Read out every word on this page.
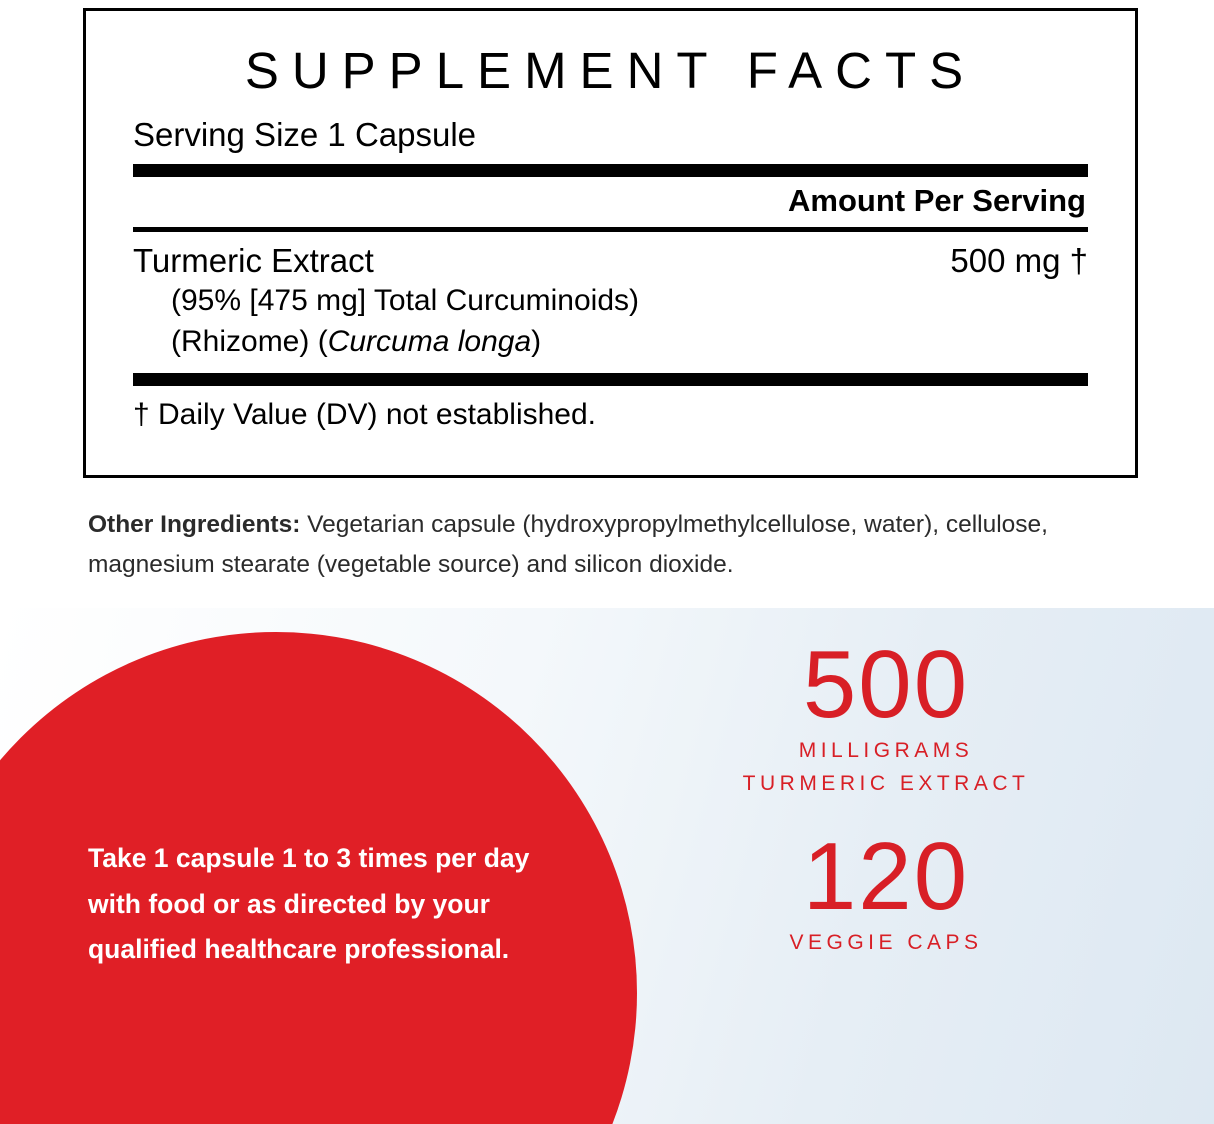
SUPPLEMENT FACTS
Serving Size 1 Capsule
Amount Per Serving
Turmeric Extract	500 mg †
(95% [475 mg] Total Curcuminoids)
(Rhizome) (Curcuma longa)
† Daily Value (DV) not established.
Other Ingredients: Vegetarian capsule (hydroxypropylmethylcellulose, water), cellulose, magnesium stearate (vegetable source) and silicon dioxide.
Take 1 capsule 1 to 3 times per day with food or as directed by your qualified healthcare professional.
500
MILLIGRAMS
TURMERIC EXTRACT
120
VEGGIE CAPS
